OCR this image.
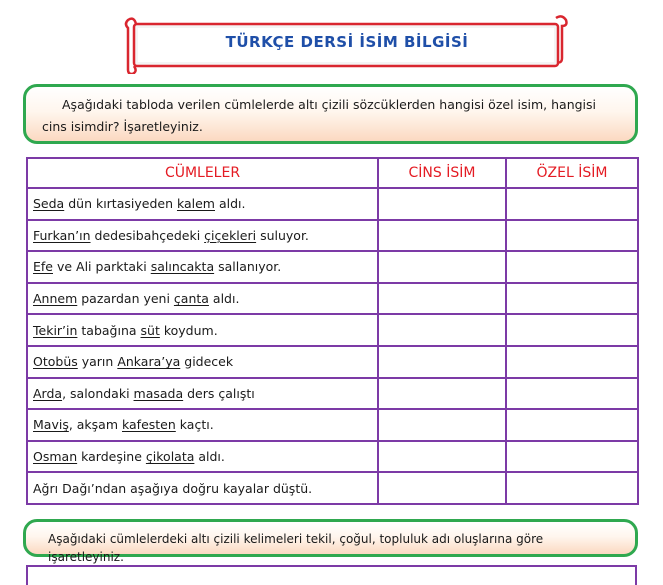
TÜRKÇE DERSİ İSİM BİLGİSİ
Aşağıdaki tabloda verilen cümlelerde altı çizili sözcüklerden hangisi özel isim, hangisi cins isimdir? İşaretleyiniz.
CÜMLELER	CİNS İSİM	ÖZEL İSİM
Seda dün kırtasiyeden kalem aldı.		
Furkan’ın dedesibahçedeki çiçekleri suluyor.		
Efe ve Ali parktaki salıncakta sallanıyor.		
Annem pazardan yeni çanta aldı.		
Tekir’in tabağına süt koydum.		
Otobüs yarın Ankara’ya gidecek		
Arda, salondaki masada ders çalıştı		
Maviş, akşam kafesten kaçtı.		
Osman kardeşine çikolata aldı.		
Ağrı Dağı’ndan aşağıya doğru kayalar düştü.		
Aşağıdaki cümlelerdeki altı çizili kelimeleri tekil, çoğul, topluluk adı oluşlarına göre işaretleyiniz.
